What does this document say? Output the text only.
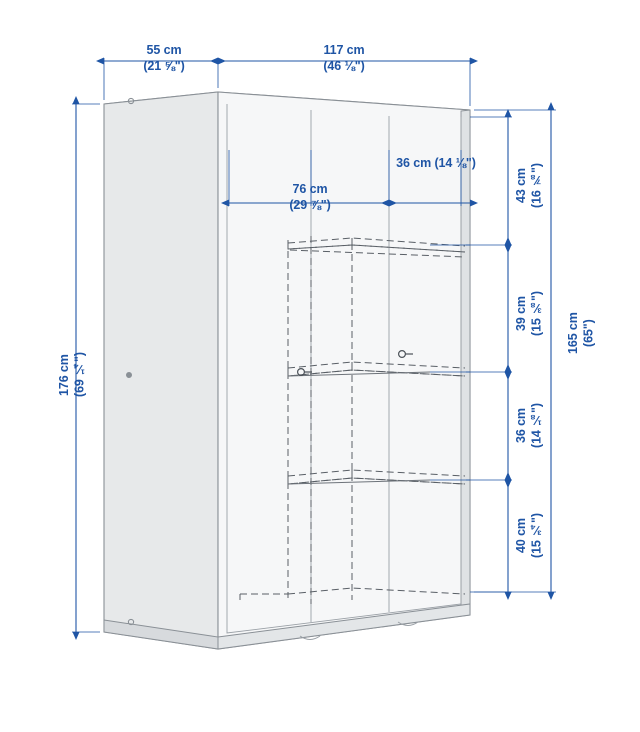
55 cm
(21 ⅝")
117 cm
(46 ⅛")
176 cm (69 ¼")
165 cm (65")
43 cm (16 ⅞")
39 cm (15 ⅜")
36 cm (14 ⅛")
40 cm (15 ¾")
76 cm
(29 ⅞")
36 cm (14 ⅛")
